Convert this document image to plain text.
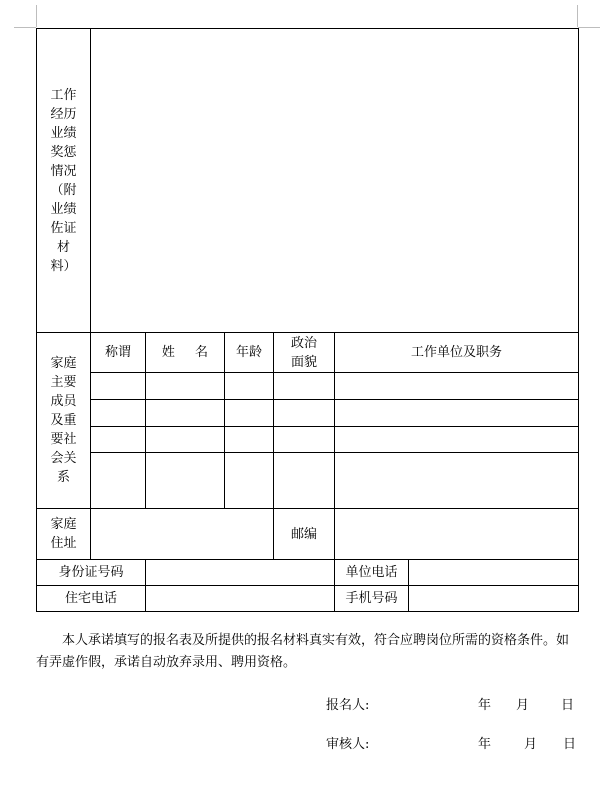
工作经历业绩奖惩情况（附业绩佐证材料）						
家庭主要成员及重要社会关系	称谓	姓 名	年龄	政治面貌	工作单位及职务	

家庭住址				邮编		
身份证号码					单位电话	
住宅电话					手机号码	
本人承诺填写的报名表及所提供的报名材料真实有效，符合应聘岗位所需的资格条件。如有弄虚作假，承诺自动放弃录用、聘用资格。
报名人:	年 月 日
审核人:	年	月 日
